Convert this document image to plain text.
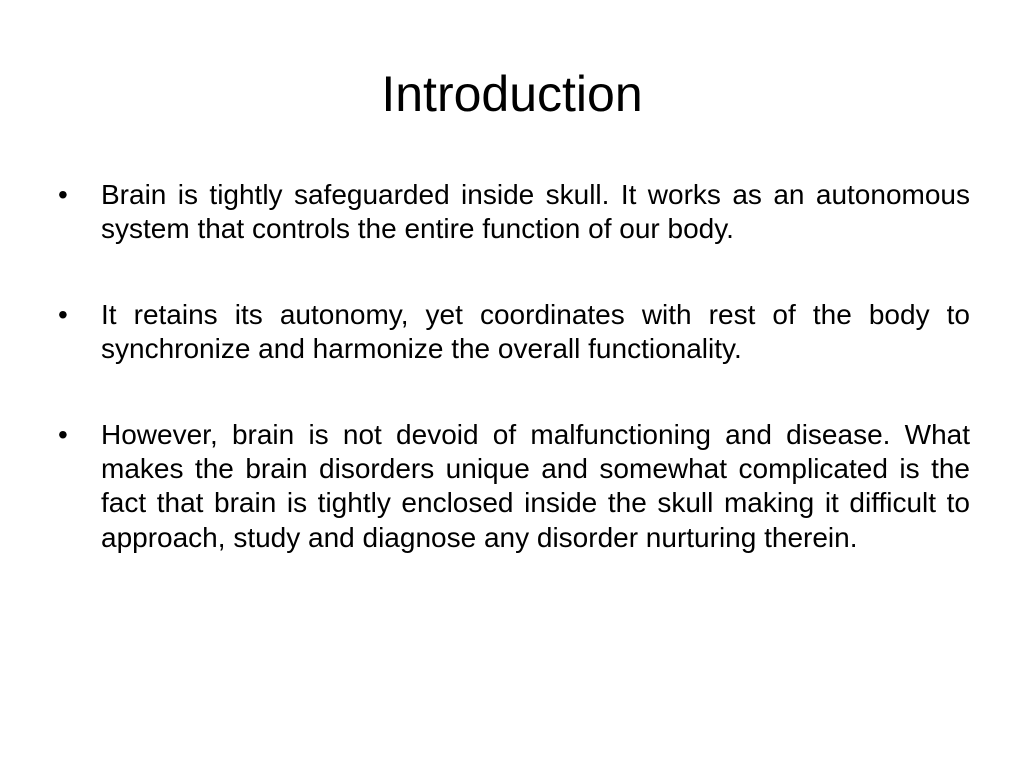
Introduction
•	Brain is tightly safeguarded inside skull. It works as an autonomous system that controls the entire function of our body.
•	It retains its autonomy, yet coordinates with rest of the body to synchronize and harmonize the overall functionality.
•	However, brain is not devoid of malfunctioning and disease. What makes the brain disorders unique and somewhat complicated is the fact that brain is tightly enclosed inside the skull making it difficult to approach, study and diagnose any disorder nurturing therein.
